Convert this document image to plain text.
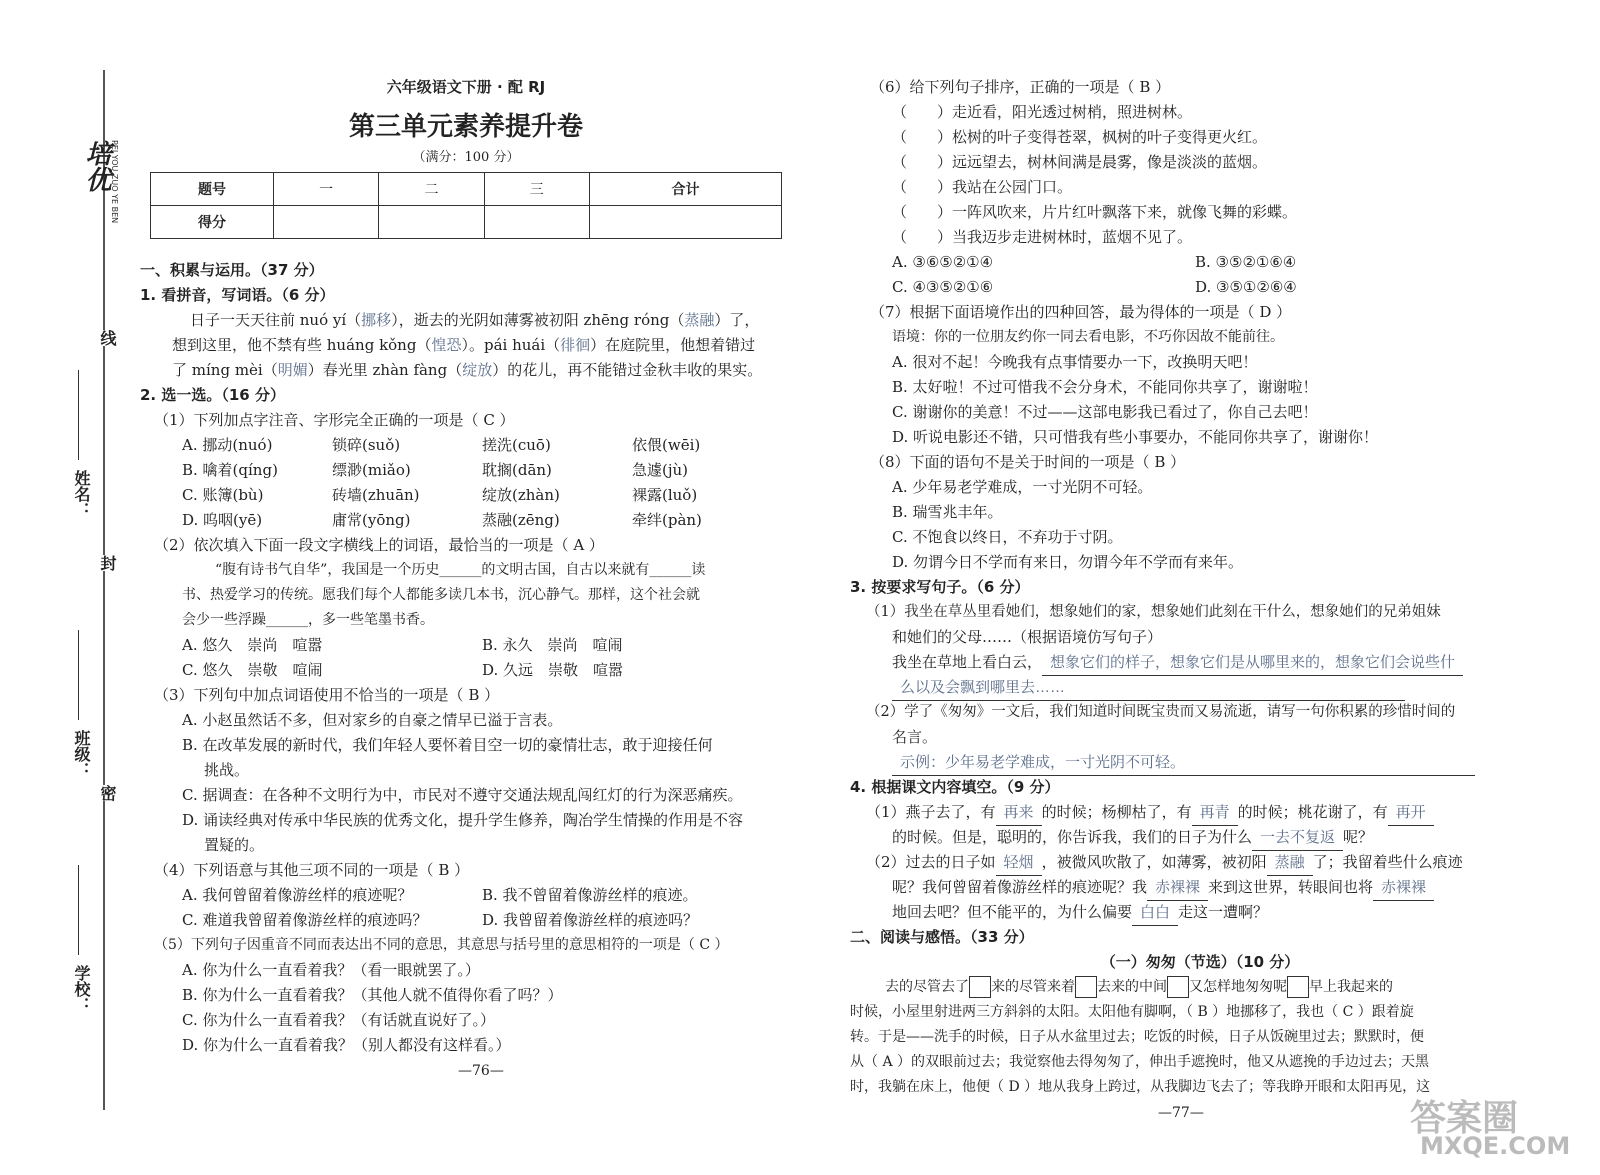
线
封
密
姓名：
班级：
学校：
培优 PEI YOU ZUO YE BEN
六年级语文下册 · 配 RJ
第三单元素养提升卷
（满分：100 分）
题号	一	二	三	合计
得分				
一、积累与运用。（37 分）
1. 看拼音，写词语。（6 分）
日子一天天往前 nuó yí（挪移），逝去的光阴如薄雾被初阳 zhēng róng（蒸融）了，
想到这里，他不禁有些 huáng kǒng（惶恐）。pái huái（徘徊）在庭院里，他想着错过
了 míng mèi（明媚）春光里 zhàn fàng（绽放）的花儿，再不能错过金秋丰收的果实。
2. 选一选。（16 分）
（1）下列加点字注音、字形完全正确的一项是（ C ）
A. 挪动(nuó)	锁碎(suǒ)	搓洗(cuō)	依偎(wēi)
B. 噙着(qíng)	缥渺(miǎo)	耽搁(dān)	急遽(jù)
C. 账簿(bù)	砖墙(zhuān)	绽放(zhàn)	裸露(luǒ)
D. 呜咽(yē)	庸常(yōng)	蒸融(zēng)	牵绊(pàn)
（2）依次填入下面一段文字横线上的词语，最恰当的一项是（ A ）
“腹有诗书气自华”，我国是一个历史______的文明古国，自古以来就有______读
书、热爱学习的传统。愿我们每个人都能多读几本书，沉心静气。那样，这个社会就
会少一些浮躁______，多一些笔墨书香。
A. 悠久　崇尚　喧嚣	B. 永久　崇尚　喧闹
C. 悠久　崇敬　喧闹	D. 久远　崇敬　喧嚣
（3）下列句中加点词语使用不恰当的一项是（ B ）
A. 小赵虽然话不多，但对家乡的自豪之情早已溢于言表。
B. 在改革发展的新时代，我们年轻人要怀着目空一切的豪情壮志，敢于迎接任何
挑战。
C. 据调查：在各种不文明行为中，市民对不遵守交通法规乱闯红灯的行为深恶痛疾。
D. 诵读经典对传承中华民族的优秀文化，提升学生修养，陶冶学生情操的作用是不容
置疑的。
（4）下列语意与其他三项不同的一项是（ B ）
A. 我何曾留着像游丝样的痕迹呢？	B. 我不曾留着像游丝样的痕迹。
C. 难道我曾留着像游丝样的痕迹吗？	D. 我曾留着像游丝样的痕迹吗？
（5）下列句子因重音不同而表达出不同的意思，其意思与括号里的意思相符的一项是（ C ）
A. 你为什么一直看着我？（看一眼就罢了。）
B. 你为什么一直看着我？（其他人就不值得你看了吗？）
C. 你为什么一直看着我？（有话就直说好了。）
D. 你为什么一直看着我？（别人都没有这样看。）
—76—
（6）给下列句子排序，正确的一项是（ B ）
（　　）走近看，阳光透过树梢，照进树林。
（　　）松树的叶子变得苍翠，枫树的叶子变得更火红。
（　　）远远望去，树林间满是晨雾，像是淡淡的蓝烟。
（　　）我站在公园门口。
（　　）一阵风吹来，片片红叶飘落下来，就像飞舞的彩蝶。
（　　）当我迈步走进树林时，蓝烟不见了。
A. ③⑥⑤②①④	B. ③⑤②①⑥④
C. ④③⑤②①⑥	D. ③⑤①②⑥④
（7）根据下面语境作出的四种回答，最为得体的一项是（ D ）
语境：你的一位朋友约你一同去看电影，不巧你因故不能前往。
A. 很对不起！今晚我有点事情要办一下，改换明天吧！
B. 太好啦！不过可惜我不会分身术，不能同你共享了，谢谢啦！
C. 谢谢你的美意！不过——这部电影我已看过了，你自己去吧！
D. 听说电影还不错，只可惜我有些小事要办，不能同你共享了，谢谢你！
（8）下面的语句不是关于时间的一项是（ B ）
A. 少年易老学难成，一寸光阴不可轻。
B. 瑞雪兆丰年。
C. 不饱食以终日，不弃功于寸阴。
D. 勿谓今日不学而有来日，勿谓今年不学而有来年。
3. 按要求写句子。（6 分）
（1）我坐在草丛里看她们，想象她们的家，想象她们此刻在干什么，想象她们的兄弟姐妹
和她们的父母……（根据语境仿写句子）
我坐在草地上看白云， 想象它们的样子，想象它们是从哪里来的，想象它们会说些什
么以及会飘到哪里去……
（2）学了《匆匆》一文后，我们知道时间既宝贵而又易流逝，请写一句你积累的珍惜时间的
名言。
示例：少年易老学难成，一寸光阴不可轻。
4. 根据课文内容填空。（9 分）
（1）燕子去了，有 再来 的时候；杨柳枯了，有 再青 的时候；桃花谢了，有 再开
的时候。但是，聪明的，你告诉我，我们的日子为什么 一去不复返 呢？
（2）过去的日子如 轻烟 ，被微风吹散了，如薄雾，被初阳 蒸融 了；我留着些什么痕迹
呢？我何曾留着像游丝样的痕迹呢？我 赤裸裸 来到这世界，转眼间也将 赤裸裸
地回去吧？但不能平的，为什么偏要 白白 走这一遭啊？
二、阅读与感悟。（33 分）
（一）匆匆（节选）（10 分）
去的尽管去了 来的尽管来着 去来的中间 又怎样地匆匆呢 早上我起来的
时候，小屋里射进两三方斜斜的太阳。太阳他有脚啊，（ B ）地挪移了，我也（ C ）跟着旋
转。于是——洗手的时候，日子从水盆里过去；吃饭的时候，日子从饭碗里过去；默默时，便
从（ A ）的双眼前过去；我觉察他去得匆匆了，伸出手遮挽时，他又从遮挽的手边过去；天黑
时，我躺在床上，他便（ D ）地从我身上跨过，从我脚边飞去了；等我睁开眼和太阳再见，这
—77—	答案圈
MXQE.COM
